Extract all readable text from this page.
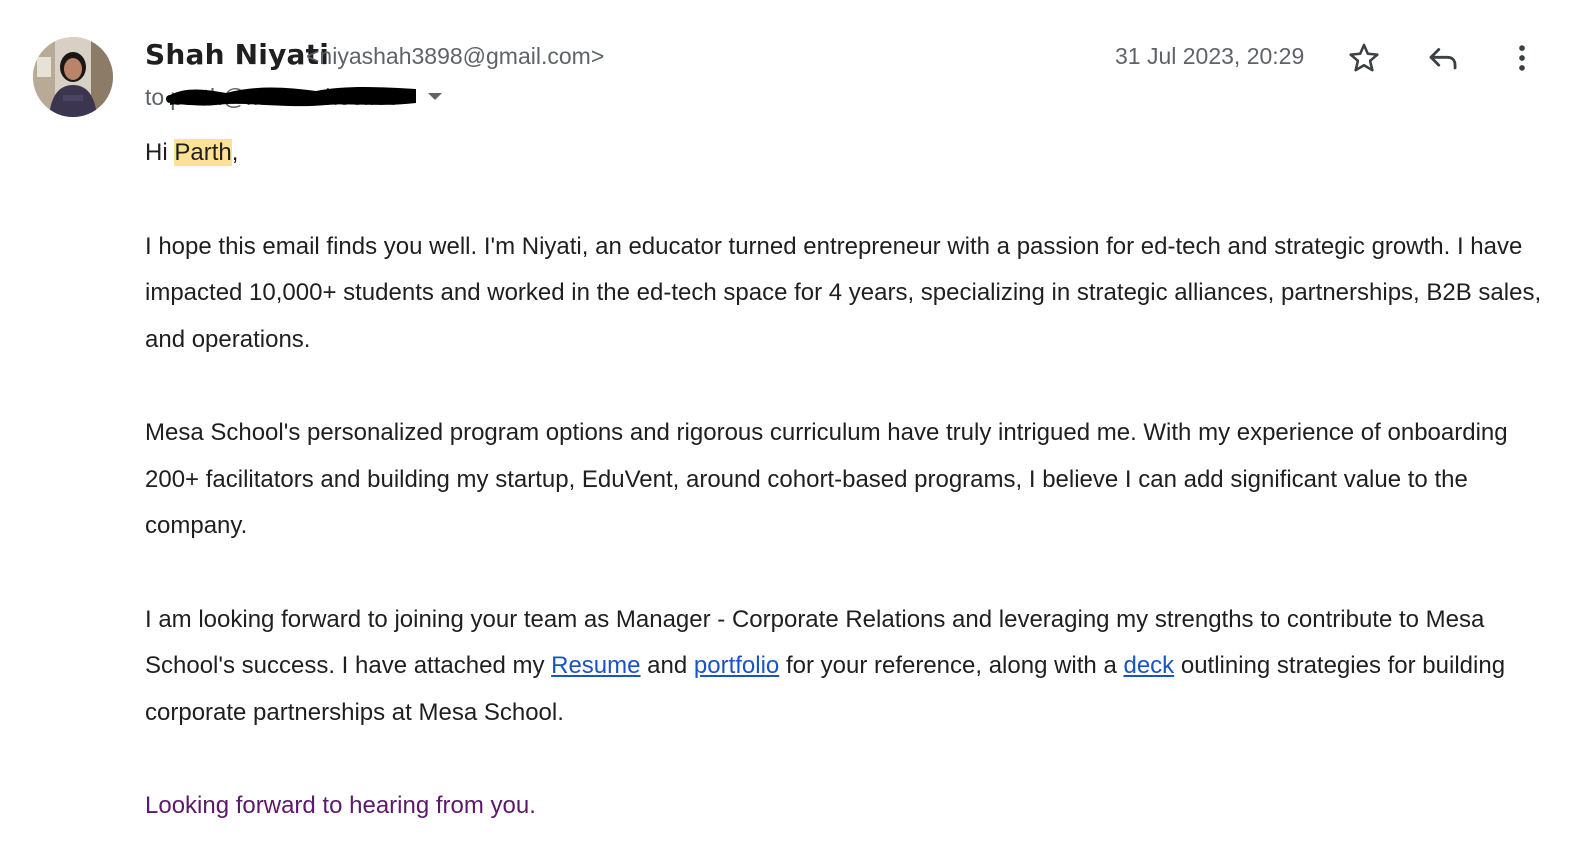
Shah Niyati
<niyashah3898@gmail.com>
to
31 Jul 2023, 20:29

Hi Parth,

I hope this email finds you well. I'm Niyati, an educator turned entrepreneur with a passion for ed-tech and strategic growth. I have impacted 10,000+ students and worked in the ed-tech space for 4 years, specializing in strategic alliances, partnerships, B2B sales, and operations.

Mesa School's personalized program options and rigorous curriculum have truly intrigued me. With my experience of onboarding 200+ facilitators and building my startup, EduVent, around cohort-based programs, I believe I can add significant value to the company.

I am looking forward to joining your team as Manager - Corporate Relations and leveraging my strengths to contribute to Mesa School's success. I have attached my Resume and portfolio for your reference, along with a deck outlining strategies for building corporate partnerships at Mesa School.

Looking forward to hearing from you.
